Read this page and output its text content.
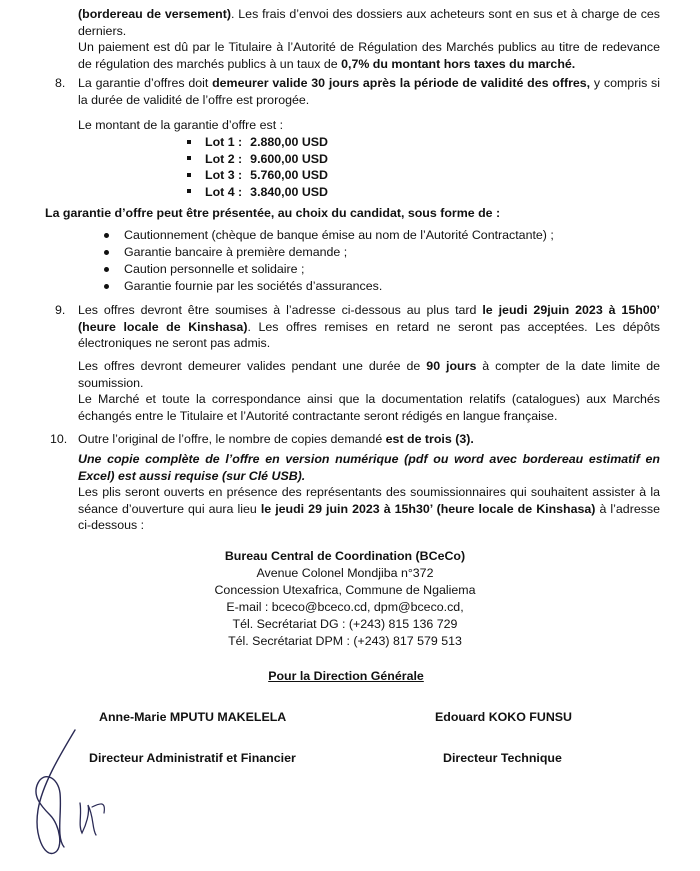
(bordereau de versement). Les frais d’envoi des dossiers aux acheteurs sont en sus et à charge de ces derniers.

Un paiement est dû par le Titulaire à l’Autorité de Régulation des Marchés publics au titre de redevance de régulation des marchés publics à un taux de 0,7% du montant hors taxes du marché.

8. La garantie d’offres doit demeurer valide 30 jours après la période de validité des offres, y compris si la durée de validité de l’offre est prorogée.

Le montant de la garantie d’offre est :
Lot 1 : 2.880,00 USD
Lot 2 : 9.600,00 USD
Lot 3 : 5.760,00 USD
Lot 4 : 3.840,00 USD
La garantie d’offre peut être présentée, au choix du candidat, sous forme de :
Cautionnement (chèque de banque émise au nom de l’Autorité Contractante) ;
Garantie bancaire à première demande ;
Caution personnelle et solidaire ;
Garantie fournie par les sociétés d’assurances.
9. Les offres devront être soumises à l’adresse ci-dessous au plus tard le jeudi 29juin 2023 à 15h00’ (heure locale de Kinshasa). Les offres remises en retard ne seront pas acceptées. Les dépôts électroniques ne seront pas admis.

Les offres devront demeurer valides pendant une durée de 90 jours à compter de la date limite de soumission.

Le Marché et toute la correspondance ainsi que la documentation relatifs (catalogues) aux Marchés échangés entre le Titulaire et l’Autorité contractante seront rédigés en langue française.

10. Outre l’original de l’offre, le nombre de copies demandé est de trois (3).

Une copie complète de l’offre en version numérique (pdf ou word avec bordereau estimatif en Excel) est aussi requise (sur Clé USB).

Les plis seront ouverts en présence des représentants des soumissionnaires qui souhaitent assister à la séance d’ouverture qui aura lieu le jeudi 29 juin 2023 à 15h30’ (heure locale de Kinshasa) à l’adresse ci-dessous :

Bureau Central de Coordination (BCeCo)
Avenue Colonel Mondjiba n°372
Concession Utexafrica, Commune de Ngaliema
E-mail : bceco@bceco.cd, dpm@bceco.cd,
Tél. Secrétariat DG : (+243) 815 136 729
Tél. Secrétariat DPM : (+243) 817 579 513
Pour la Direction Générale
Anne-Marie MPUTU MAKELELA	Edouard KOKO FUNSU
Directeur Administratif et Financier	Directeur Technique
